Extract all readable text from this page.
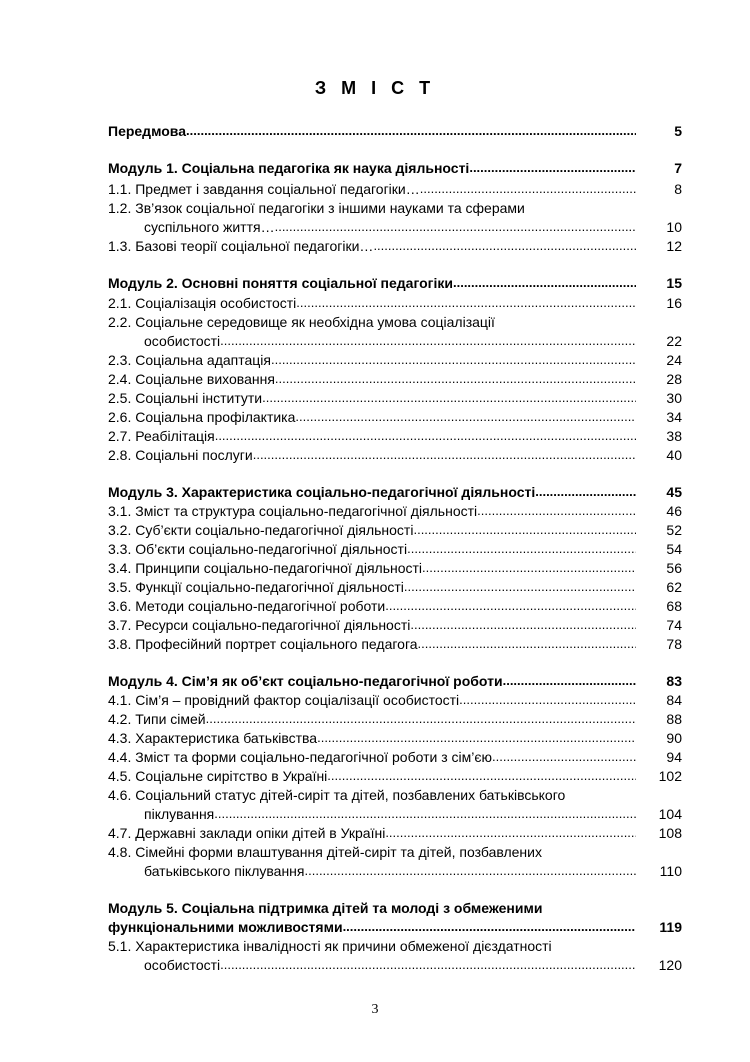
З М І С Т
Передмова .....	5
Модуль 1. Соціальна педагогіка як наука діяльності .....	7
1.1. Предмет і завдання соціальної педагогіки… .....	8
1.2. Зв’язок соціальної педагогіки з іншими науками та сферами
суспільного життя… .....	10
1.3. Базові теорії соціальної педагогіки… .....	12
Модуль 2. Основні поняття соціальної педагогіки .....	15
2.1. Соціалізація особистості .....	16
2.2. Соціальне середовище як необхідна умова соціалізації
особистості .....	22
2.3. Соціальна адаптація .....	24
2.4. Соціальне виховання .....	28
2.5. Соціальні інститути .....	30
2.6. Соціальна профілактика .....	34
2.7. Реабілітація .....	38
2.8. Соціальні послуги .....	40
Модуль 3. Характеристика соціально-педагогічної діяльності .....	45
3.1. Зміст та структура соціально-педагогічної діяльності .....	46
3.2. Суб’єкти соціально-педагогічної діяльності .....	52
3.3. Об’єкти соціально-педагогічної діяльності .....	54
3.4. Принципи соціально-педагогічної діяльності .....	56
3.5. Функції соціально-педагогічної діяльності .....	62
3.6. Методи соціально-педагогічної роботи .....	68
3.7. Ресурси соціально-педагогічної діяльності .....	74
3.8. Професійний портрет соціального педагога .....	78
Модуль 4. Сім’я як об’єкт соціально-педагогічної роботи .....	83
4.1. Сім’я – провідний фактор соціалізації особистості .....	84
4.2. Типи сімей .....	88
4.3. Характеристика батьківства .....	90
4.4. Зміст та форми соціально-педагогічної роботи з сім’єю .....	94
4.5. Соціальне сирітство в Україні .....	102
4.6. Соціальний статус дітей-сиріт та дітей, позбавлених батьківського
піклування .....	104
4.7. Державні заклади опіки дітей в Україні .....	108
4.8. Сімейні форми влаштування дітей-сиріт та дітей, позбавлених
батьківського піклування .....	110
Модуль 5. Соціальна підтримка дітей та молоді з обмеженими
функціональними можливостями .....	119
5.1. Характеристика інвалідності як причини обмеженої дієздатності
особистості .....	120
3
